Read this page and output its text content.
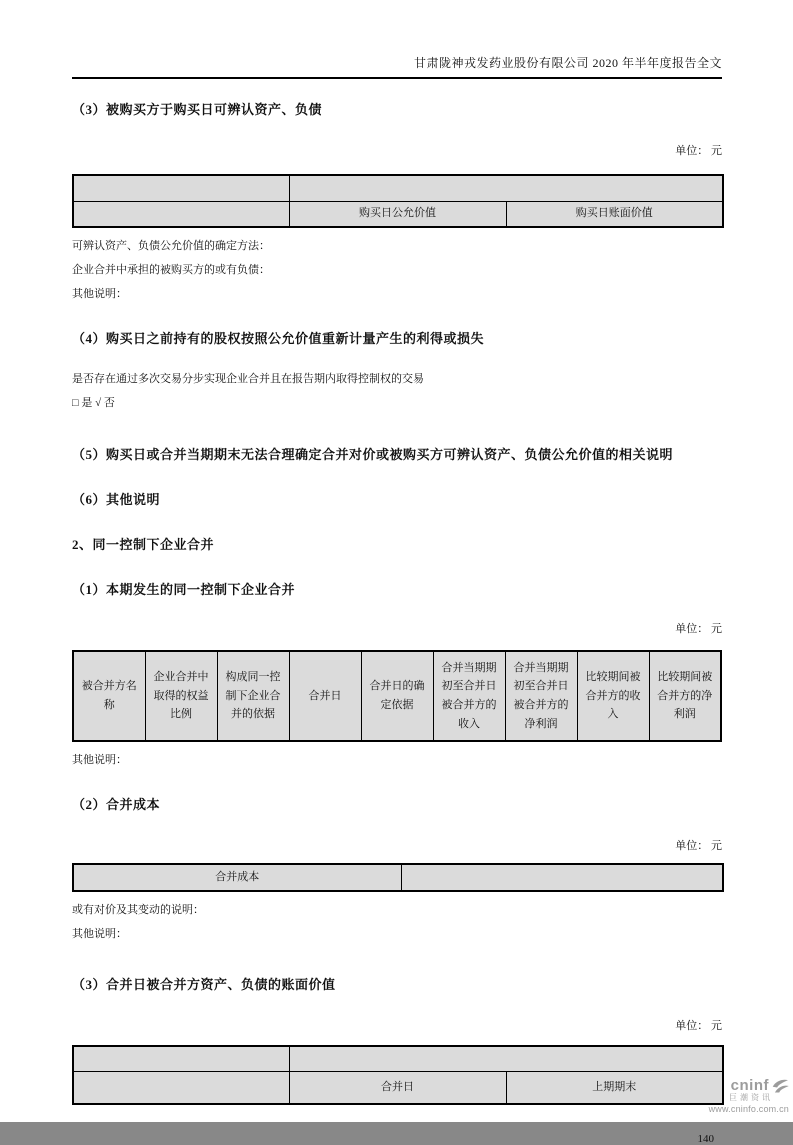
甘肃陇神戎发药业股份有限公司 2020 年半年度报告全文
（3）被购买方于购买日可辨认资产、负债
单位： 元

	购买日公允价值	购买日账面价值
可辨认资产、负债公允价值的确定方法：
企业合并中承担的被购买方的或有负债：
其他说明：
（4）购买日之前持有的股权按照公允价值重新计量产生的利得或损失
是否存在通过多次交易分步实现企业合并且在报告期内取得控制权的交易
□ 是 √ 否
（5）购买日或合并当期期末无法合理确定合并对价或被购买方可辨认资产、负债公允价值的相关说明
（6）其他说明
2、同一控制下企业合并
（1）本期发生的同一控制下企业合并
单位： 元
被合并方名称	企业合并中取得的权益比例	构成同一控制下企业合并的依据	合并日	合并日的确定依据	合并当期期初至合并日被合并方的收入	合并当期期初至合并日被合并方的净利润	比较期间被合并方的收入	比较期间被合并方的净利润
其他说明：
（2）合并成本
单位： 元
合并成本	
或有对价及其变动的说明：
其他说明：
（3）合并日被合并方资产、负债的账面价值
单位： 元

	合并日	上期期末
140
cninf
巨潮资讯
www.cninfo.com.cn
